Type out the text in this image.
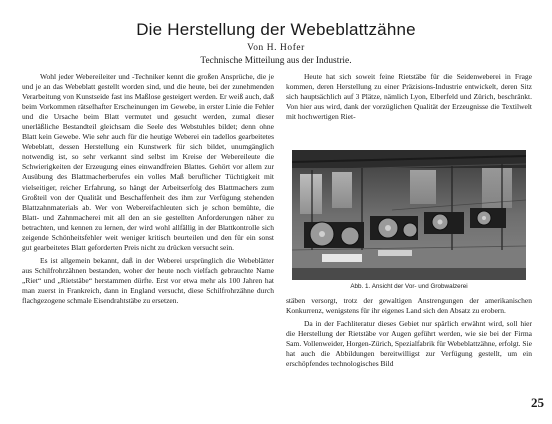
Die Herstellung der Webeblattzähne
Von H. Hofer
Technische Mitteilung aus der Industrie.

Wohl jeder Webereileiter und -Techniker kennt die großen Ansprüche, die je und je an das Webeblatt gestellt worden sind, und die heute, bei der zunehmenden Verarbeitung von Kunstseide fast ins Maßlose gesteigert werden. Er weiß auch, daß beim Vorkommen rätselhafter Erscheinungen im Gewebe, in erster Linie die Fehler und die Ursache beim Blatt vermutet und gesucht werden, zumal dieser unerläßliche Bestandteil gleichsam die Seele des Webstuhles bildet; denn ohne Blatt kein Gewebe. Wie sehr auch für die heutige Weberei ein tadellos gearbeitetes Webeblatt, dessen Herstellung ein Kunstwerk für sich bildet, unumgänglich notwendig ist, so sehr verkannt sind selbst im Kreise der Webereileute die Schwierigkeiten der Erzeugung eines einwandfreien Blattes. Gehört vor allem zur Ausübung des Blattmacherberufes ein volles Maß beruflicher Tüchtigkeit mit vielseitiger, reicher Erfahrung, so hängt der Arbeitserfolg des Blattmachers zum Großteil von der Qualität und Beschaffenheit des ihm zur Verfügung stehenden Blattzahnmaterials ab. Wer von Webereifachleuten sich je schon bemühte, die Blatt- und Zahnmacherei mit all den an sie gestellten Anforderungen näher zu betrachten, und kennen zu lernen, der wird wohl allfällig in der Blattkontrolle sich zeigende Schönheitsfehler weit weniger kritisch beurteilen und den für ein sonst gut gearbeitetes Blatt geforderten Preis nicht zu drücken versucht sein.

Es ist allgemein bekannt, daß in der Weberei ursprünglich die Webeblätter aus Schilfrohrzähnen bestanden, woher der heute noch vielfach gebrauchte Name „Riet“ und „Rietstäbe“ herstammen dürfte. Erst vor etwa mehr als 100 Jahren hat man zuerst in Frankreich, dann in England versucht, diese Schilfrohrzähne durch flachgezogene schmale Eisendrahtstäbe zu ersetzen.

Heute hat sich soweit feine Rietstäbe für die Seidenweberei in Frage kommen, deren Herstellung zu einer Präzisions-Industrie entwickelt, deren Sitz sich hauptsächlich auf 3 Plätze, nämlich Lyon, Elberfeld und Zürich, beschränkt. Von hier aus wird, dank der vorzüglichen Qualität der Erzeugnisse die Textilwelt mit hochwertigen Riet-

Abb. 1. Ansicht der Vor- und Grobwalzerei

stäben versorgt, trotz der gewaltigen Anstrengungen der amerikanischen Konkurrenz, wenigstens für ihr eigenes Land sich den Absatz zu erobern.

Da in der Fachliteratur dieses Gebiet nur spärlich erwähnt wird, soll hier die Herstellung der Rietstäbe vor Augen geführt werden, wie sie bei der Firma Sam. Vollenweider, Horgen-Zürich, Spezialfabrik für Webeblattzähne, erfolgt. Sie hat auch die Abbildungen bereitwilligst zur Verfügung gestellt, um ein erschöpfendes technologisches Bild

25
